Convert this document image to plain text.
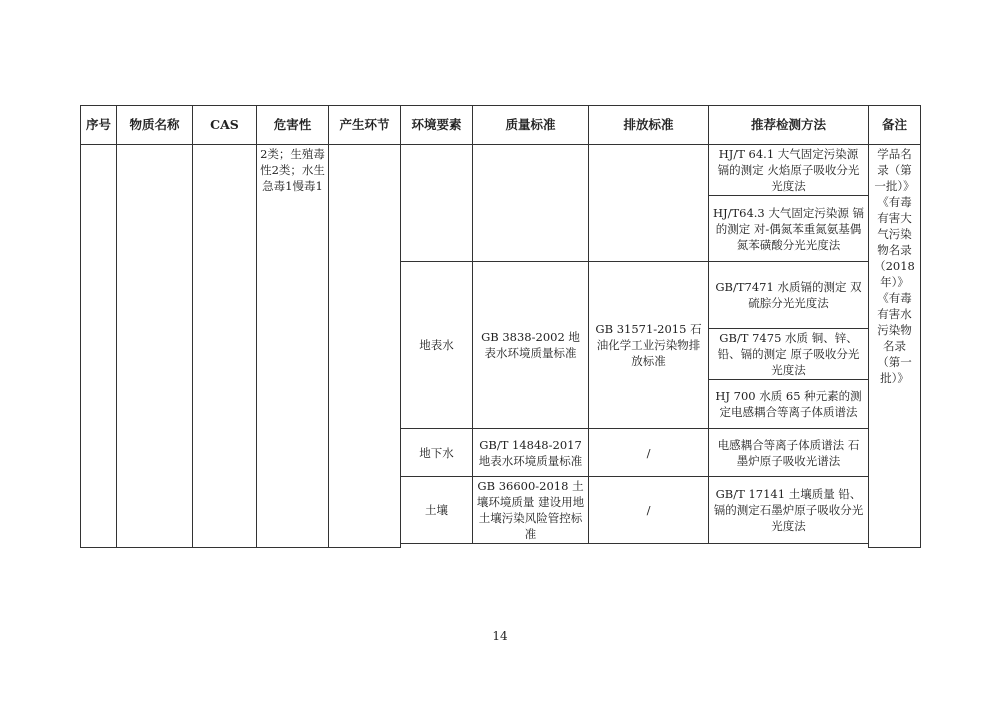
序号	物质名称	CAS	危害性	产生环节	环境要素	质量标准	排放标准	推荐检测方法	备注
			2类；生殖毒性2类；水生急毒1慢毒1					HJ/T 64.1 大气固定污染源 镉的测定 火焰原子吸收分光光度法	学品名录（第一批）》《有毒有害大气污染物名录（2018年）》《有毒有害水污染物名录（第一批）》
								HJ/T64.3 大气固定污染源 镉的测定 对-偶氮苯重氮氨基偶氮苯磺酸分光光度法	
					地表水	GB 3838-2002 地表水环境质量标准	GB 31571-2015 石油化学工业污染物排放标准	GB/T7471 水质镉的测定 双硫腙分光光度法	
								GB/T 7475 水质 铜、锌、铅、镉的测定 原子吸收分光光度法	
								HJ 700 水质 65 种元素的测定电感耦合等离子体质谱法	
					地下水	GB/T 14848-2017 地表水环境质量标准	/	电感耦合等离子体质谱法 石墨炉原子吸收光谱法	
					土壤	GB 36600-2018 土壤环境质量 建设用地土壤污染风险管控标准	/	GB/T 17141 土壤质量 铅、镉的测定石墨炉原子吸收分光光度法	

14
